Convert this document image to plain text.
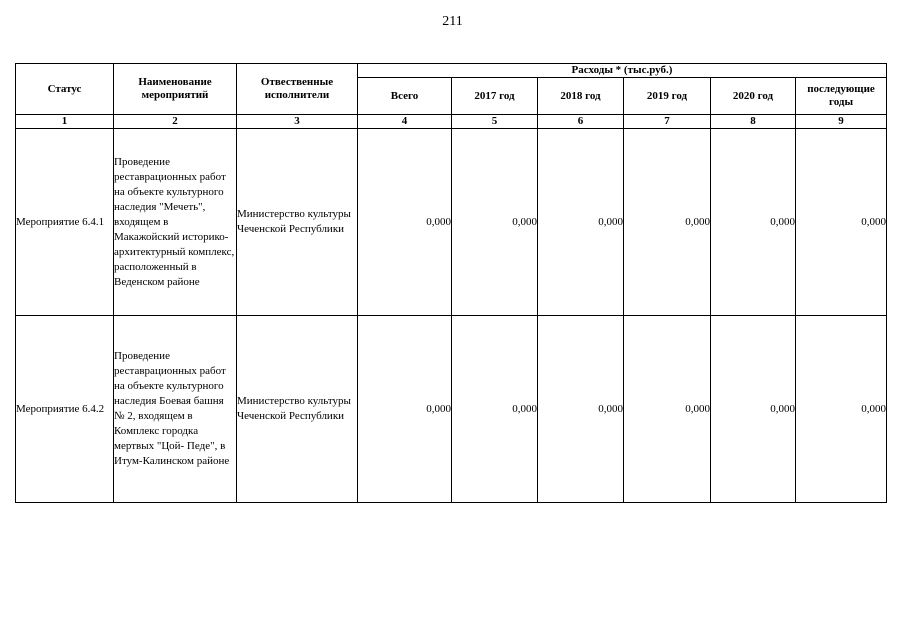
211
Статус	Наименование мероприятий	Отвественные исполнители	Расходы * (тыс.руб.)					
			Всего	2017 год	2018 год	2019 год	2020 год	последующие годы
1	2	3	4	5	6	7	8	9
Мероприятие 6.4.1	Проведение реставрационных работ на объекте культурного наследия "Мечеть", входящем в Макажойский историко-архитектурный комплекс, расположенный в Веденском районе	Министерство культуры Чеченской Республики	0,000	0,000	0,000	0,000	0,000	0,000
Мероприятие 6.4.2	Проведение реставрационных работ на объекте культурного наследия Боевая башня № 2, входящем в Комплекс городка мертвых "Цой- Педе", в Итум-Калинском районе	Министерство культуры Чеченской Республики	0,000	0,000	0,000	0,000	0,000	0,000
